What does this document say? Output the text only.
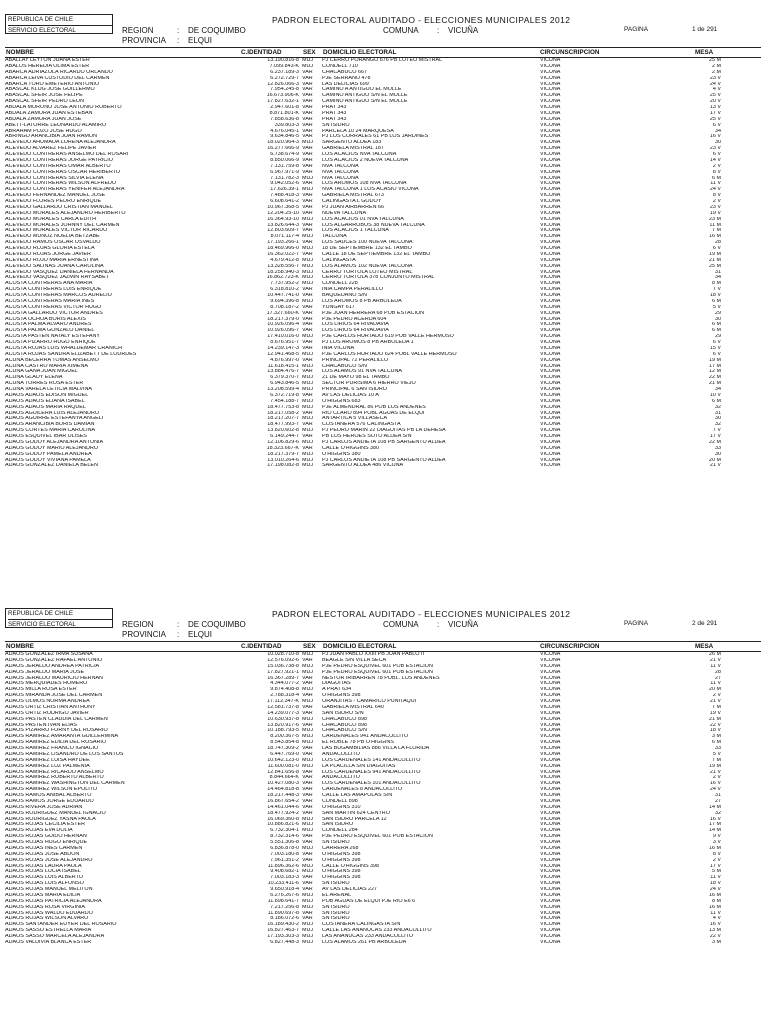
REPUBLICA DE CHILE
SERVICIO ELECTORAL
PADRON ELECTORAL AUDITADO - ELECCIONES MUNICIPALES 2012
REGION	: DE COQUIMBO
PROVINCIA : ELQUI
COMUNA : VICUÑA	PAGINA	1 de 291
NOMBRE	C.IDENTIDAD	SEX DOMICILIO ELECTORAL	CIRCUNSCRIPCION	MESA
ABALLAY LEYTON JUANA ESTER	13.190.816-8 MUJ	PJ CERRO PORANGO 676 PB LOTEO MISTRAL	VICUÑA	25 M
ABALOS HEREDIA OLIMA ESTER	7.099.843-K MUJ	CONDELL 710	VICUÑA	2 M
ABARCA ADRIAZOLA RICARDO ORLANDO	6.237.189-3 VAR	CHACABUCO 667	VICUÑA	2 M
ABARCA LEIVA CUSTODIO DEL CARMEN	6.272.729-7 VAR	PJE SERRANO 478	VICUÑA	23 V
ABARCA TORO EMETERIO ANTONIO	12.826.066-3 VAR	LAS DELICIAS 699	VICUÑA	24 V
ABASCAL KLUG JOSE GUILLERMO	7.954.245-8 VAR	CAMINO A ANTIGUO EL MOLLE	VICUÑA	4 V
ABASCAL SFEIR JOSE FELIPE	16.673.906-K VAR	CAMINO ANTIGUO S/N EL MOLLE	VICUÑA	25 V
ABASCAL SFEIR PEDRO LEON	17.827.632-1 VAR	CAMINO ANTIGUO S/N EL MOLLE	VICUÑA	20 V
ABDALA MORONO JOSE ANTONIO ROBERTO	2.947.601-8 VAR	PRAT 343	VICUÑA	13 V
ABDALA ZAMORA JUAN ESTEBAN	8.871.801-K VAR	PRAT 343	VICUÑA	17 V
ABDALA ZAMORA JUAN JOSE	7.858.636-8 VAR	PRAT 343	VICUÑA	25 V
ABETT-LATORRE LEONARDO ALAMIRO	339.803-3 VAR	SN ISIDRO	VICUÑA	6 V
ABRAHAM POZO JOSE HUGO	4.676.045-1 VAR	PARCELA 10 24 MARQUESA	VICUÑA	34
ABRINGO ARANCIBIA JUAN RAMON	9.634.846-5 VAR	PJ LOS CORRALES 61 PB LOS JARDINES	VICUÑA	16 V
ACEVEDO AHUMADA LORENA ALEJANDRA	18.020.964-3 MUJ	SARGENTO ALDEA 183	VICUÑA	30
ACEVEDO ALVAREZ FELIPE JAVIER	16.277.666-9 VAR	GABRIELA MISTRAL 187	VICUÑA	23 V
ACEVEDO CONTRERAS ANSELMO DEL ROSARI	6.738.674-9 VAR	LOS ACACIOS NVA TALCUNA	VICUÑA	6 V
ACEVEDO CONTRERAS JORGE PATRICIO	8.850.066-9 VAR	LOS ACACIOS 2 NUEVA TALCUNA	VICUÑA	14 V
ACEVEDO CONTRERAS OMAR ALBERTO	7.131.759-8 VAR	NVA TALCUNA	VICUÑA	2 V
ACEVEDO CONTRERAS OSCAR HERIBERTO	6.967.971-9 VAR	NVA TALCUNA	VICUÑA	8 V
ACEVEDO CONTRERAS SILVIA ELENA	7.131.782-3 MUJ	NVA TALCUNA	VICUÑA	6 M
ACEVEDO CONTRERAS WILSON ALFREDO	9.042.052-6 VAR	LOS AROMOS 108 NVA TALCUNA	VICUÑA	11 V
ACEVEDO CONTRERAS YENIFER ALEJANDRA	17.626.39-1 MUJ	NVA TALCUNA 1 LOS ACASIO VICUÑA	VICUÑA	24 V
ACEVEDO FERNANDEZ MANUEL JOSE	7.488.418-3 VAR	GABRIELA MISTRAL 673	VICUÑA	8 V
ACEVEDO FLORES PEDRO ENRIQUE	6.608.641-2 VAR	CALINGASTA L GODOY	VICUÑA	2 V
ACEVEDO GALLARDO CRISTIAN MANUEL	10.967.368-5 VAR	PJ JUAN AIRBARREN 66	VICUÑA	23 V
ACEVEDO MORALES ALEJANDRO HERIBERTO	12.204.25-10 VAR	NUEVA TALCUNA	VICUÑA	19 V
ACEVEDO MORALES CARLA EDITH	16.364.93-10 MUJ	LOS ACACIOS 01 NVA TALCUNA	VICUÑA	23 M
ACEVEDO MORALES JOHNNY DEL CARMEN	13.826.644-3 VAR	LOS ALGARROBOS 38 NUEVA TALCUNA	VICUÑA	11 M
ACEVEDO MORALES VICTOR RICARDO	12.803.609-7 VAR	LOS ACACIOS 1 TALCUNA	VICUÑA	7 M
ACEVEDO MUÑOZ NOELIA BETZABE	8.071.117-4 MUJ	TALCUNA	VICUÑA	16 M
ACEVEDO RAMOS OSCAR OSVALDO	17.193.266-1 VAR	LOS SAUCES 100 NUEVA TALCUNA	VICUÑA	28
ACEVEDO ROJAS GLORIA ESTELA	18.469.966-0 MUJ	18 DE SEPTIEMBRE 132 EL TAMBO	VICUÑA	6 V
ACEVEDO ROJAS JORGE JAVIER	16.362.022-7 VAR	CALLE 18 DE SEPTIEMBRE 132 EL TAMBO	VICUÑA	19 M
ACEVEDO ROJO MARIA ERNESTINA	4.679.412-8 MUJ	CALINGASTA	VICUÑA	21 M
ACEVEDO SALINAS JUANA CAROLINA	13.328.556-7 MUJ	LOS ALAMOS 102 NUEVA TALCUNA	VICUÑA	25 M
ACEVEDO VASQUEZ DANIELA FERNANDA	18.258.940-3 MUJ	CERRO TORTOLA LOTEO MISTRAL	VICUÑA	31
ACEVEDO VASQUEZ JAZMIN RAYSABET	16.862.723-K MUJ	CERRO TORTOLA 378 CONJUNTO MISTRAL	VICUÑA	34
ACOSTA CONTRERAS ANA MARIA	7.737.952-2 MUJ	CONDELL 228	VICUÑA	8 M
ACOSTA CONTRERAS LUIS ENRIQUE	6.318.810-2 VAR	INIA CAMPA PERALILLO	VICUÑA	7 V
ACOSTA CONTRERAS MARCOS AURELIO	10.447.741-0 VAR	BAQUEDANO S/N	VICUÑA	18 V
ACOSTA CONTRERAS MARIA INES	9.694.396-8 MUJ	LOS AROMOS 8 PB ARBOLEDA	VICUÑA	6 M
ACOSTA CONTRERAS VICTOR HUGO	8.708.187-2 VAR	YUNGAY 617	VICUÑA	5 V
ACOSTA GALLARDO VICTOR ANDRES	17.327.660-K VAR	PJE JUAN HERRERA 68 POB ESTACION	VICUÑA	29
ACOSTA OCHOA BORIS ALEXIS	18.217.379-0 VAR	PJE PEDRO ACERDA 604	VICUÑA	30
ACOSTA PALMA ALVARO ANDRES	10.926.096-4 VAR	LOS LIRIOS 64 RIVADAVIA	VICUÑA	6 M
ACOSTA PALMA GONZALO DANIEL	10.926.096-7 VAR	LOS LIRIOS 64 RIVADAVIA	VICUÑA	6 M
ACOSTA PASTEN NATALY ESTEFANY	17.410.016-0 MUJ	PJE CARLOS HURTADO 619 POB VALLE HERMOSO	VICUÑA	29
ACOSTA PIZARRO HUGO ENRIQUE	8.676.951-7 VAR	PJ LOS AROMOS 8 PB ARBOLEDA 1	VICUÑA	6 V
ACOSTA ROJAS LUIS WHALDEMAR CRANICH	14.239.147-3 VAR	INIA VICUÑA	VICUÑA	15 V
ACOSTA ROJAS SANDRA ELIZABETT DE LOURDES	12.941.468-5 MUJ	PJE CARLOS HURTADO 624 POBL VALLE HERMOSO	VICUÑA	6 V
ACUÑA BECERRA TOMAS ANSELMO	4.876.997-0 VAR	PRINCIPAL 72 PERALILLO	VICUÑA	19 M
ACUÑA CASTRO MARIA XIMENA	11.618.415-1 MUJ	CHACABUCO S/N	VICUÑA	17 M
ACUÑA GANA JUAN MIGUEL	13.884.476-7 VAR	LOS ALAMOS 91 NVA TALCUNA	VICUÑA	12 M
ACUÑA GLADY ELENA	6.379.370-7 MUJ	21 DE MAYO 98 EL TAMBO	VICUÑA	22 M
ACUÑA TORRES ROSA ESTER	6.943.846-5 MUJ	SECTOR PURISIMA 6 HIERRO VIEJO	VICUÑA	21 M
ACUÑA VARELA LETICIA MALVINA	13.208.599-4 MUJ	PRINCIPAL 6 SAN ISIDRO	VICUÑA	34
ADAOS ADAOS EDISON MIGUEL	6.372.719-8 VAR	AV LAS DELICIAS 10 A	VICUÑA	10 V
ADAOS ADAOS ELIANA ISABEL	7.454.188-7 MUJ	O'HIGGINS 683	VICUÑA	6 M
ADAOS ADAOS MARIA RAQUEL	18.477.753-8 MUJ	PJE ALMENDRAL 86 POB LOS ANDENES	VICUÑA	32
ADAOS AGUILERA LUIS ALEJANDRO	18.217.058-2 VAR	RIO CLARO 894 POBL AGUAS DE ELQUI	VICUÑA	31
ADAOS AGUIRRE ESTEFANYA ANGELI	18.217.207-7 MUJ	ANTARTICA 5 VILLASECA	VICUÑA	30
ADAOS ARANCIBIA BORIS DAMIAN	18.477.993-7 VAR	COSTANERA 576 CALINGASTA	VICUÑA	32
ADAOS CORTES MARIA CAROLINA	13.820.602-8 MUJ	PJ PEDRO MARIN 22 DIAGUITAS PB LA DEHESA	VICUÑA	7 V
ADAOS ESQUIVEL IBAR ULISES	6.149.244-7 VAR	PB LOS HEROES SOTO ALDEA S/N	VICUÑA	17 V
ADAOS GODOY ALEJANDRA ANTONIA	12.106.829-6 MUJ	PJ CARLOS ANDIETA 108 PB SARGENTO ALDEA	VICUÑA	22 M
ADAOS GODOY MARIO ALEJANDRO	18.323.667-K VAR	CALLE O'HIGGINS 380	VICUÑA	33
ADAOS GODOY PAMELA ANDREA	18.217.379-7 MUJ	O'HIGGINS 380	VICUÑA	30
ADAOS GODOY VIVIANA PAMELA	13.010.264-6 MUJ	PJ CARLOS ANDIETA 108 PB SARGENTO ALDEA	VICUÑA	20 M
ADAOS GONZALEZ DANIELA BELEN	17.198.082-8 MUJ	SARGENTO ALDEA 486 VICUÑA	VICUÑA	21 V
REPUBLICA DE CHILE
SERVICIO ELECTORAL
PADRON ELECTORAL AUDITADO - ELECCIONES MUNICIPALES 2012
REGION	: DE COQUIMBO
PROVINCIA : ELQUI
COMUNA : VICUÑA	PAGINA	2 de 291
NOMBRE	C.IDENTIDAD	SEX DOMICILIO ELECTORAL	CIRCUNSCRIPCION	MESA
ADAOS GONZALEZ IRMA SUSANA	10.028.710-8 MUJ	PJ JUAN PABLO XXIII PB JUAN PABLO II	VICUÑA	26 M
ADAOS GONZALEZ RAFAEL ANTONIO	12.576.092-6 VAR	BEAGLE S/N VILLA SECA	VICUÑA	21 V
ADAOS JERALDO ANDREA PATRICIA	15.036.738-8 MUJ	PJE PEDRO ESQUIVEL 601 POB ESTACION	VICUÑA	11 V
ADAOS JERALDO MARIA JOSE	17.827.921-1 MUJ	PJE PEDRO ESQUIVEL 601 POB ESTACION	VICUÑA	28
ADAOS JERALDO MAURICIO HERNAN	16.367.289-7 VAR	NESTOR IRIBARREN 78 POBL. LOS ANDENES	VICUÑA	27
ADAOS MERQUIADES HOMERO	4.344.077-2 VAR	DIAGUITAS	VICUÑA	11 V
ADAOS MILLA ROSA ESTER	9.874.408-8 MUJ	A PRAT 634	VICUÑA	20 M
ADAOS MIRANDA JOSE DEL CARMEN	2.788.318-4 VAR	O'HIGGINS 398	VICUÑA	2 V
ADAOS OLMOS NORMA ANDREA	17.112.347-K MUJ	ORANJITAS - CAMARICO PUNITAQUI	VICUÑA	21 V
ADAOS ORTIZ CRISTIAN ANTHONY	12.581.737-8 VAR	GABRIELA MISTRAL 640	VICUÑA	7 M
ADAOS ORTIZ RODRIGO JAVIER	14.239.077-3 VAR	SAN ISIDRO S/N	VICUÑA	19 V
ADAOS PASTEN CLAUDIA DEL CARMEN	10.630.937-8 MUJ	CHACABUCO 898	VICUÑA	21 M
ADAOS PASTEN IVAN ELIAS	13.820.917-6 VAR	CHACABUCO 898	VICUÑA	22 V
ADAOS PIZARRO FORNY DEL ROSARIO	10.188.793-5 MUJ	CHACABUCO S/N	VICUÑA	18 V
ADAOS RAMIREZ AMARANTA GUILLERMINA	8.200.367-5 MUJ	CARDENALES 941 ANDACOLLITO	VICUÑA	3 M
ADAOS RAMIREZ EDILIA DEL ROSARIO	8.543.854-8 MUJ	EL ROBLE 78 PB O'HIGGINS	VICUÑA	6 M
ADAOS RAMIREZ FRANCO IGNACIO	18.747.309-2 VAR	LAS BUGAMBILIAS 886 VILLA LA FLORIDA	VICUÑA	33
ADAOS RAMIREZ LISANDRO DE LOS SANTOS	6.447.769-0 VAR	ANDACOLLITO	VICUÑA	5 V
ADAOS RAMIREZ LUISA HAYDEE	10.642.123-0 MUJ	LOS CARDENALES 141 ANDACOLLITO	VICUÑA	7 M
ADAOS RAMIREZ LUZ PALMENIA	11.600.081-0 MUJ	LA PLACILLA S/N DIAGUITAS	VICUÑA	19 M
ADAOS RAMIREZ RICARDO ANSELMO	12.841.656-8 VAR	LOS CARDENALES 941 ANDACOLLITO	VICUÑA	21 V
ADAOS RAMIREZ ROBERTO ALBERTO	8.844.664-K VAR	ANDACOLLITO	VICUÑA	2 V
ADAOS RAMIREZ WASHINGTON DEL CARMEN	10.427.080-3 VAR	LOS CARDENALES 101 ANDACOLLITO	VICUÑA	16 V
ADAOS RAMIREZ WILSON EPOLITO	14.464.818-8 VAR	CARDENALES 8 ANDACOLLITO	VICUÑA	24 V
ADAOS RAMOS ANIBAL ALBERTO	18.217.448-3 VAR	CALLE LAS AMAPOLAS S/N	VICUÑA	31
ADAOS RAMOS JORGE EDUARDO	16.867.654-2 VAR	CONDELL 898	VICUÑA	27
ADAOS RIVERA JOSE ADRIAN	14.461.044-6 VAR	O'HIGGINS 310	VICUÑA	14 M
ADAOS RODRIGUEZ MANUEL IGNACIO	18.477.924-2 VAR	SAN MARTIN 624 CENTRO	VICUÑA	32
ADAOS RODRIGUEZ YASNA PAOLA	16.069.360-8 MUJ	SAN ISIDRO PARCELA 12	VICUÑA	16 V
ADAOS ROJAS CECILIA ESTER	10.886.821-6 MUJ	SAN ISIDRO	VICUÑA	17 M
ADAOS ROJAS EVA DOLIA	6.732.304-1 MUJ	CONDELL 284	VICUÑA	14 M
ADAOS ROJAS GUIDO HERNAN	8.732.314-6 VAR	PJE PEDRO ESQUIVEL 601 POB ESTACION	VICUÑA	9 V
ADAOS ROJAS HUGO ENRIQUE	5.551.306-8 VAR	SN ISIDRO	VICUÑA	3 V
ADAOS ROJAS INES CARMEN	6.836.878-0 MUJ	CARRERA 268	VICUÑA	16 M
ADAOS ROJAS JOSE ABDON	7.003.180-8 VAR	O'HIGGINS 398	VICUÑA	8 V
ADAOS ROJAS JOSE ALEJANDRO	7.961.351-2 VAR	O'HIGGINS 398	VICUÑA	2 V
ADAOS ROJAS LAURA PAOLA	11.896.362-6 MUJ	CALLE O'HIGGINS 398	VICUÑA	17 V
ADAOS ROJAS LUCIA ISABEL	9.408.682-1 MUJ	O'HIGGINS 398	VICUÑA	5 M
ADAOS ROJAS LUIS ALBERTO	7.003.183-3 VAR	O'HIGGINS 398	VICUÑA	11 V
ADAOS ROJAS LUIS ALFONSO	10.233.411-6 VAR	SN ISIDRO	VICUÑA	18 V
ADAOS ROJAS MANUEL MELITON	9.650.918-4 VAR	AV LAS DELICIAS 227	VICUÑA	24 V
ADAOS ROJAS MARIA EDILIA	6.276.267-6 MUJ	EL ARENAL	VICUÑA	16 M
ADAOS ROJAS PATRICIA ALEJANDRA	11.898.641-7 MUJ	POB AGUAS DE ELQUI PJE RIO E6 6	VICUÑA	8 M
ADAOS ROJAS ROSA VIRGINIA	7.217.256-8 MUJ	SN ISIDRO	VICUÑA	16 M
ADAOS ROJAS WALDO EDUARDO	11.890.697-8 VAR	SN ISIDRO	VICUÑA	11 V
ADAOS ROJAS WILSON ALVARO	8.186.072-6 VAR	SN ISIDRO	VICUÑA	4 V
ADAOS SANTANDER EUYER DEL ROSARIO	16.189.430-2 MUJ	COSTANERA CALINGASTA S/N	VICUÑA	16 V
ADAOS SASSO ESTRELLA MARIA	16.827.463-7 MUJ	CALLE LAS AÑAÑUCAS 233 ANDACOLLITO	VICUÑA	13 M
ADAOS SASSO MARCELA ALEJANDRA	17.193.303-3 MUJ	LAS AÑAÑUCAS 233 ANDACOLLITO	VICUÑA	22 V
ADAOS VALDIVIA BLANCA ESTER	6.827.448-3 MUJ	LOS ALAMOS 261 PB ARBOLEDA	VICUÑA	3 M
